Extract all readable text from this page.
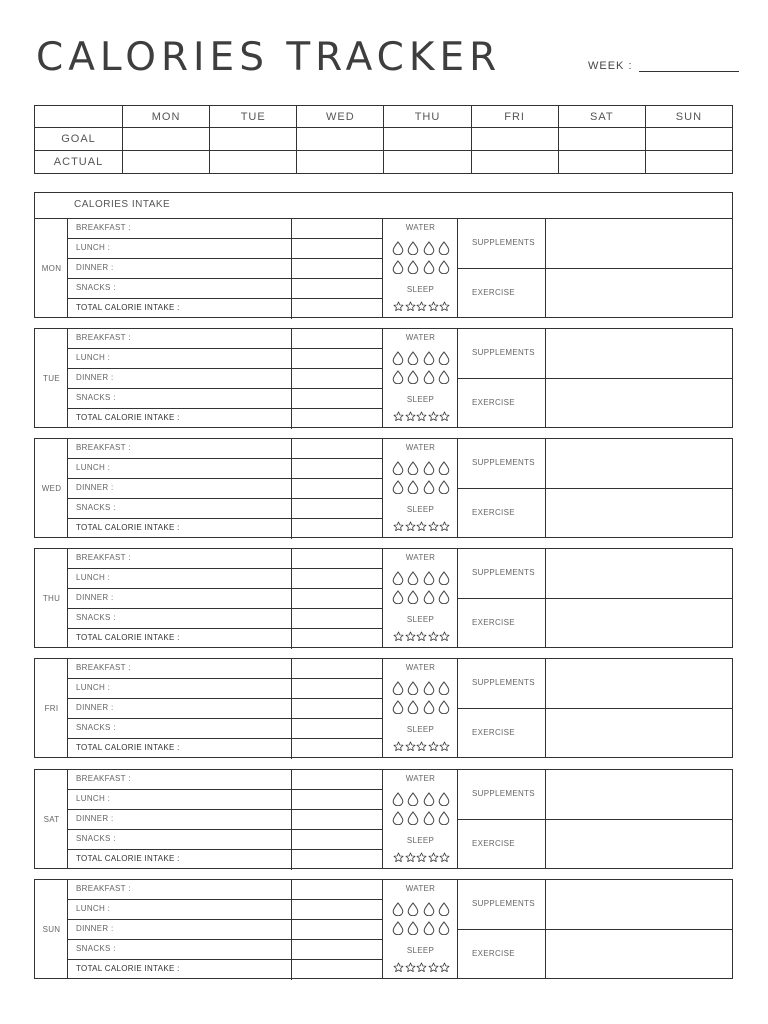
CALORIES TRACKER	WEEK :
	MON	TUE	WED	THU	FRI	SAT	SUN
GOAL							
ACTUAL							
CALORIES INTAKE
MON
BREAKFAST :
LUNCH :
DINNER :
SNACKS :
TOTAL CALORIE INTAKE :
WATER
SLEEP
SUPPLEMENTS
EXERCISE
TUE
BREAKFAST :
LUNCH :
DINNER :
SNACKS :
TOTAL CALORIE INTAKE :
WATER
SLEEP
SUPPLEMENTS
EXERCISE
WED
BREAKFAST :
LUNCH :
DINNER :
SNACKS :
TOTAL CALORIE INTAKE :
WATER
SLEEP
SUPPLEMENTS
EXERCISE
THU
BREAKFAST :
LUNCH :
DINNER :
SNACKS :
TOTAL CALORIE INTAKE :
WATER
SLEEP
SUPPLEMENTS
EXERCISE
FRI
BREAKFAST :
LUNCH :
DINNER :
SNACKS :
TOTAL CALORIE INTAKE :
WATER
SLEEP
SUPPLEMENTS
EXERCISE
SAT
BREAKFAST :
LUNCH :
DINNER :
SNACKS :
TOTAL CALORIE INTAKE :
WATER
SLEEP
SUPPLEMENTS
EXERCISE
SUN
BREAKFAST :
LUNCH :
DINNER :
SNACKS :
TOTAL CALORIE INTAKE :
WATER
SLEEP
SUPPLEMENTS
EXERCISE
